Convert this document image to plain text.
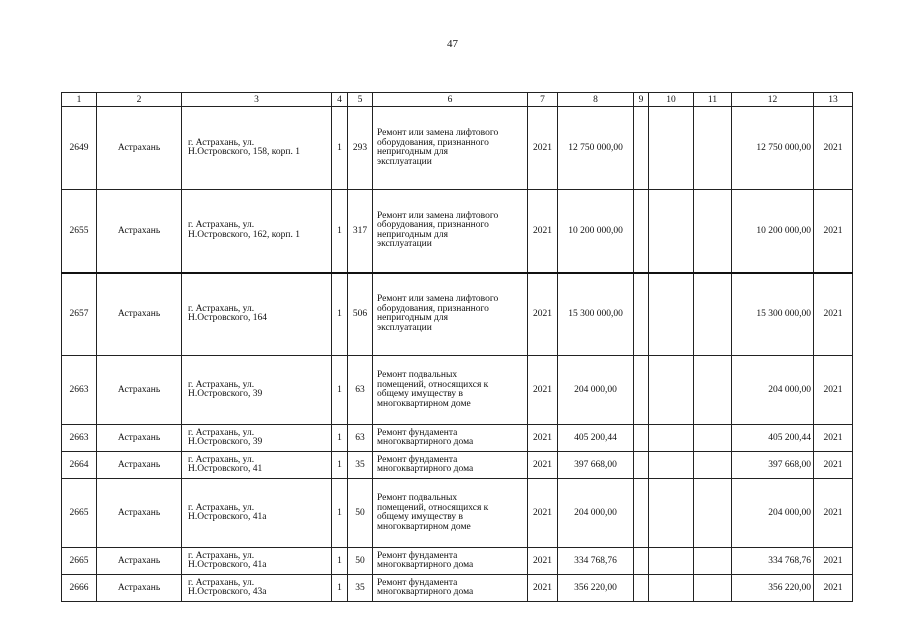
47
1	2	3	4	5	6	7	8	9	10	11	12	13
2649	Астрахань	г. Астрахань, ул.
Н.Островского, 158, корп. 1	1	293	Ремонт или замена лифтового
оборудования, признанного
непригодным для
эксплуатации	2021	12 750 000,00				12 750 000,00	2021
2655	Астрахань	г. Астрахань, ул.
Н.Островского, 162, корп. 1	1	317	Ремонт или замена лифтового
оборудования, признанного
непригодным для
эксплуатации	2021	10 200 000,00				10 200 000,00	2021
2657	Астрахань	г. Астрахань, ул.
Н.Островского, 164	1	506	Ремонт или замена лифтового
оборудования, признанного
непригодным для
эксплуатации	2021	15 300 000,00				15 300 000,00	2021
2663	Астрахань	г. Астрахань, ул.
Н.Островского, 39	1	63	Ремонт подвальных
помещений, относящихся к
общему имуществу в
многоквартирном доме	2021	204 000,00				204 000,00	2021
2663	Астрахань	г. Астрахань, ул.
Н.Островского, 39	1	63	Ремонт фундамента
многоквартирного дома	2021	405 200,44				405 200,44	2021
2664	Астрахань	г. Астрахань, ул.
Н.Островского, 41	1	35	Ремонт фундамента
многоквартирного дома	2021	397 668,00				397 668,00	2021
2665	Астрахань	г. Астрахань, ул.
Н.Островского, 41а	1	50	Ремонт подвальных
помещений, относящихся к
общему имуществу в
многоквартирном доме	2021	204 000,00				204 000,00	2021
2665	Астрахань	г. Астрахань, ул.
Н.Островского, 41а	1	50	Ремонт фундамента
многоквартирного дома	2021	334 768,76				334 768,76	2021
2666	Астрахань	г. Астрахань, ул.
Н.Островского, 43а	1	35	Ремонт фундамента
многоквартирного дома	2021	356 220,00				356 220,00	2021
